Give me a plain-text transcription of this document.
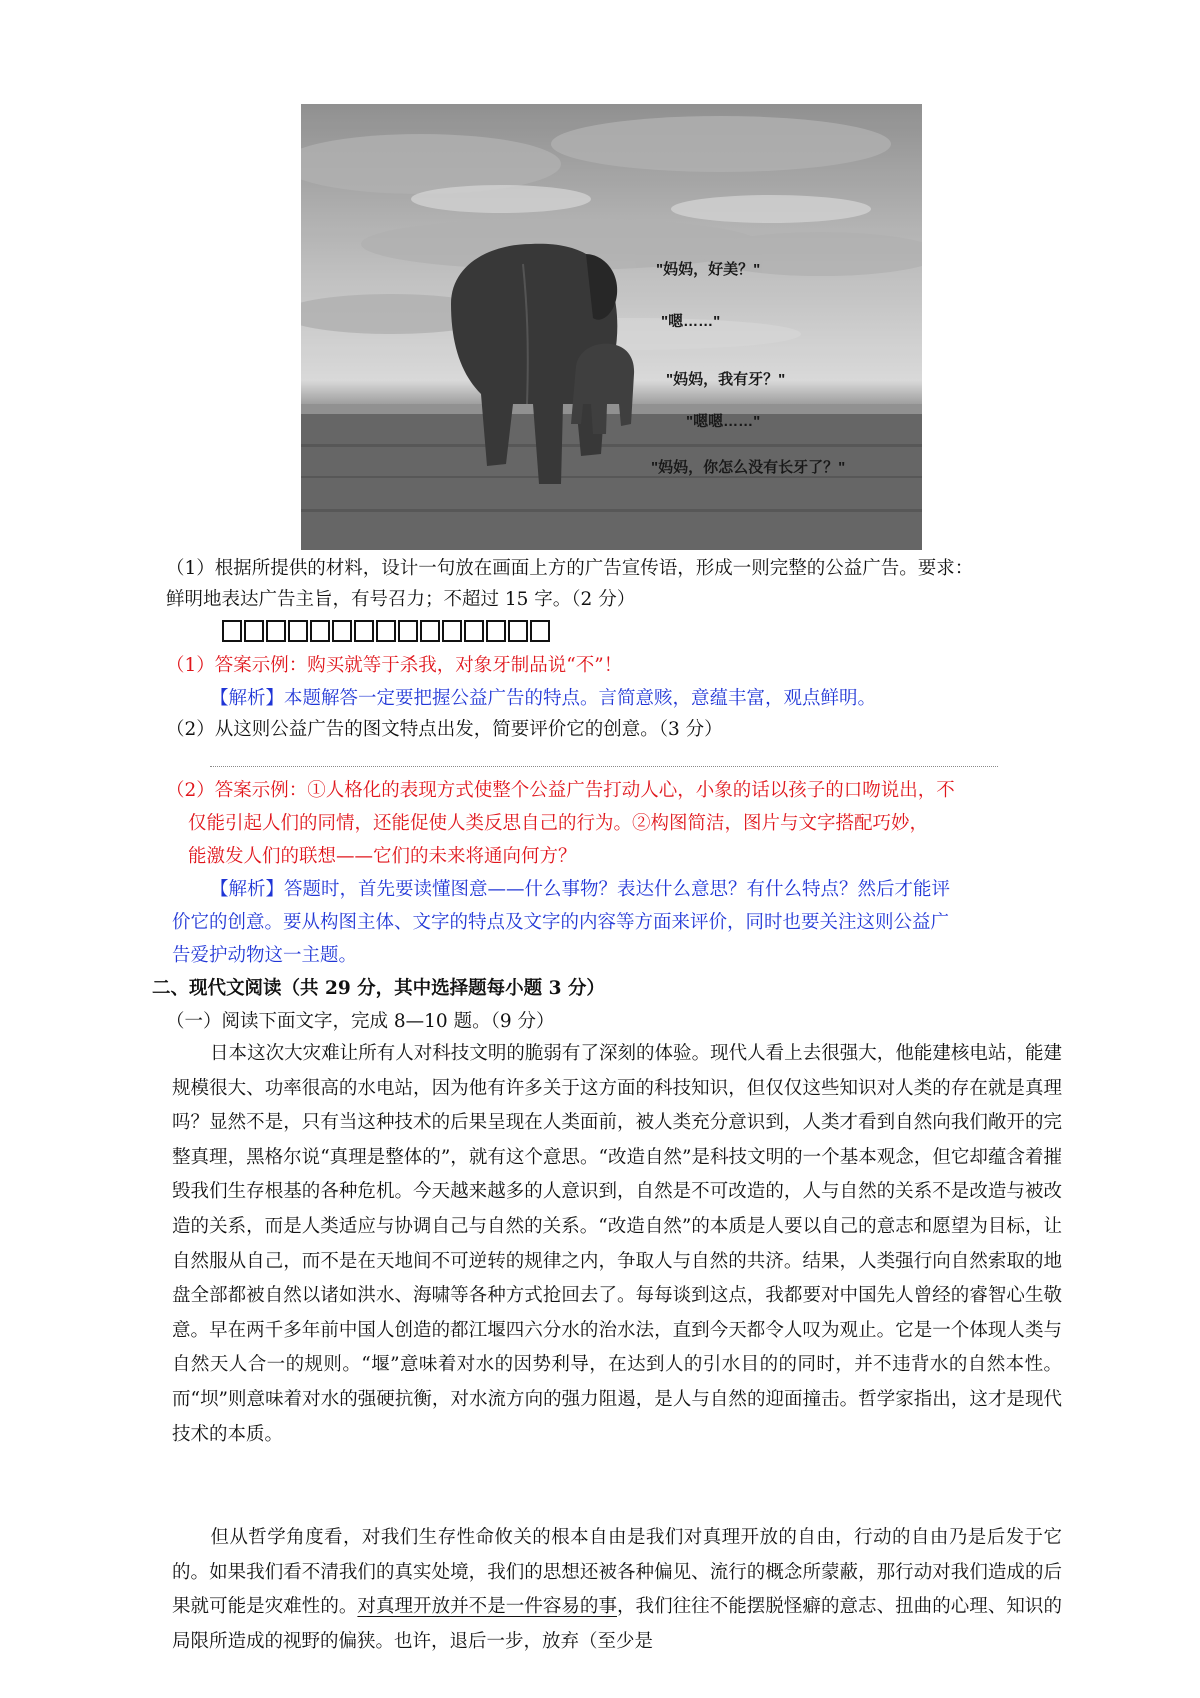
"妈妈，好美？"
"嗯……"
"妈妈，我有牙？"
"嗯嗯……"
"妈妈，你怎么没有长牙了？"
（1）根据所提供的材料，设计一句放在画面上方的广告宣传语，形成一则完整的公益广告。要求：
鲜明地表达广告主旨，有号召力；不超过 15 字。（2 分）
（1）答案示例：购买就等于杀我，对象牙制品说“不”！
【解析】本题解答一定要把握公益广告的特点。言简意赅，意蕴丰富，观点鲜明。
（2）从这则公益广告的图文特点出发，简要评价它的创意。（3 分）
（2）答案示例：①人格化的表现方式使整个公益广告打动人心，小象的话以孩子的口吻说出，不
仅能引起人们的同情，还能促使人类反思自己的行为。②构图简洁，图片与文字搭配巧妙，
能激发人们的联想——它们的未来将通向何方？
【解析】答题时，首先要读懂图意——什么事物？表达什么意思？有什么特点？然后才能评
价它的创意。要从构图主体、文字的特点及文字的内容等方面来评价，同时也要关注这则公益广
告爱护动物这一主题。
二、现代文阅读（共 29 分，其中选择题每小题 3 分）
（一）阅读下面文字，完成 8—10 题。（9 分）
日本这次大灾难让所有人对科技文明的脆弱有了深刻的体验。现代人看上去很强大，他能建核电站，能建规模很大、功率很高的水电站，因为他有许多关于这方面的科技知识，但仅仅这些知识对人类的存在就是真理吗？显然不是，只有当这种技术的后果呈现在人类面前，被人类充分意识到，人类才看到自然向我们敞开的完整真理，黑格尔说“真理是整体的”，就有这个意思。“改造自然”是科技文明的一个基本观念，但它却蕴含着摧毁我们生存根基的各种危机。今天越来越多的人意识到，自然是不可改造的，人与自然的关系不是改造与被改造的关系，而是人类适应与协调自己与自然的关系。“改造自然”的本质是人要以自己的意志和愿望为目标，让自然服从自己，而不是在天地间不可逆转的规律之内，争取人与自然的共济。结果，人类强行向自然索取的地盘全部都被自然以诸如洪水、海啸等各种方式抢回去了。每每谈到这点，我都要对中国先人曾经的睿智心生敬意。早在两千多年前中国人创造的都江堰四六分水的治水法，直到今天都令人叹为观止。它是一个体现人类与自然天人合一的规则。“堰”意味着对水的因势利导，在达到人的引水目的的同时，并不违背水的自然本性。而“坝”则意味着对水的强硬抗衡，对水流方向的强力阻遏，是人与自然的迎面撞击。哲学家指出，这才是现代技术的本质。
但从哲学角度看，对我们生存性命攸关的根本自由是我们对真理开放的自由，行动的自由乃是后发于它的。如果我们看不清我们的真实处境，我们的思想还被各种偏见、流行的概念所蒙蔽，那行动对我们造成的后果就可能是灾难性的。对真理开放并不是一件容易的事，我们往往不能摆脱怪癖的意志、扭曲的心理、知识的局限所造成的视野的偏狭。也许，退后一步，放弃（至少是
